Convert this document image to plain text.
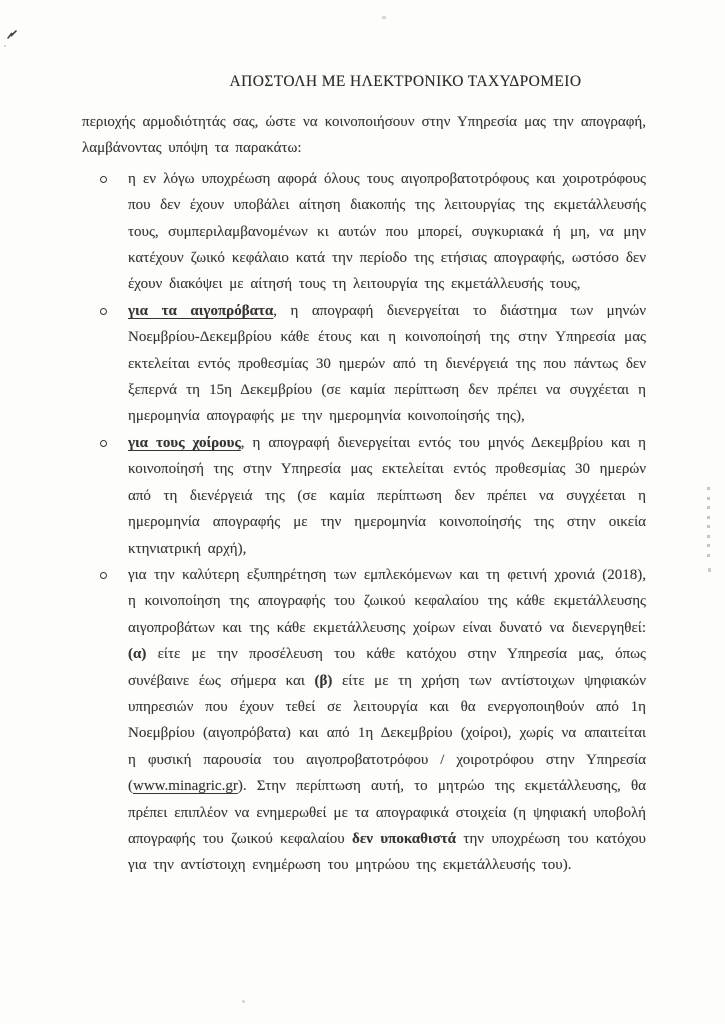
ΑΠΟΣΤΟΛΗ ΜΕ ΗΛΕΚΤΡΟΝΙΚΟ ΤΑΧΥΔΡΟΜΕΙΟ

περιοχής αρμοδιότητάς σας, ώστε να κοινοποιήσουν στην Υπηρεσία μας την απογραφή, λαμβάνοντας υπόψη τα παρακάτω:

η εν λόγω υποχρέωση αφορά όλους τους αιγοπροβατοτρόφους και χοιροτρόφους που δεν έχουν υποβάλει αίτηση διακοπής της λειτουργίας της εκμετάλλευσής τους, συμπεριλαμβανομένων κι αυτών που μπορεί, συγκυριακά ή μη, να μην κατέχουν ζωικό κεφάλαιο κατά την περίοδο της ετήσιας απογραφής, ωστόσο δεν έχουν διακόψει με αίτησή τους τη λειτουργία της εκμετάλλευσής τους,
για τα αιγοπρόβατα, η απογραφή διενεργείται το διάστημα των μηνών Νοεμβρίου-Δεκεμβρίου κάθε έτους και η κοινοποίησή της στην Υπηρεσία μας εκτελείται εντός προθεσμίας 30 ημερών από τη διενέργειά της που πάντως δεν ξεπερνά τη 15η Δεκεμβρίου (σε καμία περίπτωση δεν πρέπει να συγχέεται η ημερομηνία απογραφής με την ημερομηνία κοινοποίησής της),
για τους χοίρους, η απογραφή διενεργείται εντός του μηνός Δεκεμβρίου και η κοινοποίησή της στην Υπηρεσία μας εκτελείται εντός προθεσμίας 30 ημερών από τη διενέργειά της (σε καμία περίπτωση δεν πρέπει να συγχέεται η ημερομηνία απογραφής με την ημερομηνία κοινοποίησής της στην οικεία κτηνιατρική αρχή),
για την καλύτερη εξυπηρέτηση των εμπλεκόμενων και τη φετινή χρονιά (2018), η κοινοποίηση της απογραφής του ζωικού κεφαλαίου της κάθε εκμετάλλευσης αιγοπροβάτων και της κάθε εκμετάλλευσης χοίρων είναι δυνατό να διενεργηθεί: (α) είτε με την προσέλευση του κάθε κατόχου στην Υπηρεσία μας, όπως συνέβαινε έως σήμερα και (β) είτε με τη χρήση των αντίστοιχων ψηφιακών υπηρεσιών που έχουν τεθεί σε λειτουργία και θα ενεργοποιηθούν από 1η Νοεμβρίου (αιγοπρόβατα) και από 1η Δεκεμβρίου (χοίροι), χωρίς να απαιτείται η φυσική παρουσία του αιγοπροβατοτρόφου / χοιροτρόφου στην Υπηρεσία (www.minagric.gr). Στην περίπτωση αυτή, το μητρώο της εκμετάλλευσης, θα πρέπει επιπλέον να ενημερωθεί με τα απογραφικά στοιχεία (η ψηφιακή υποβολή απογραφής του ζωικού κεφαλαίου δεν υποκαθιστά την υποχρέωση του κατόχου για την αντίστοιχη ενημέρωση του μητρώου της εκμετάλλευσής του).
